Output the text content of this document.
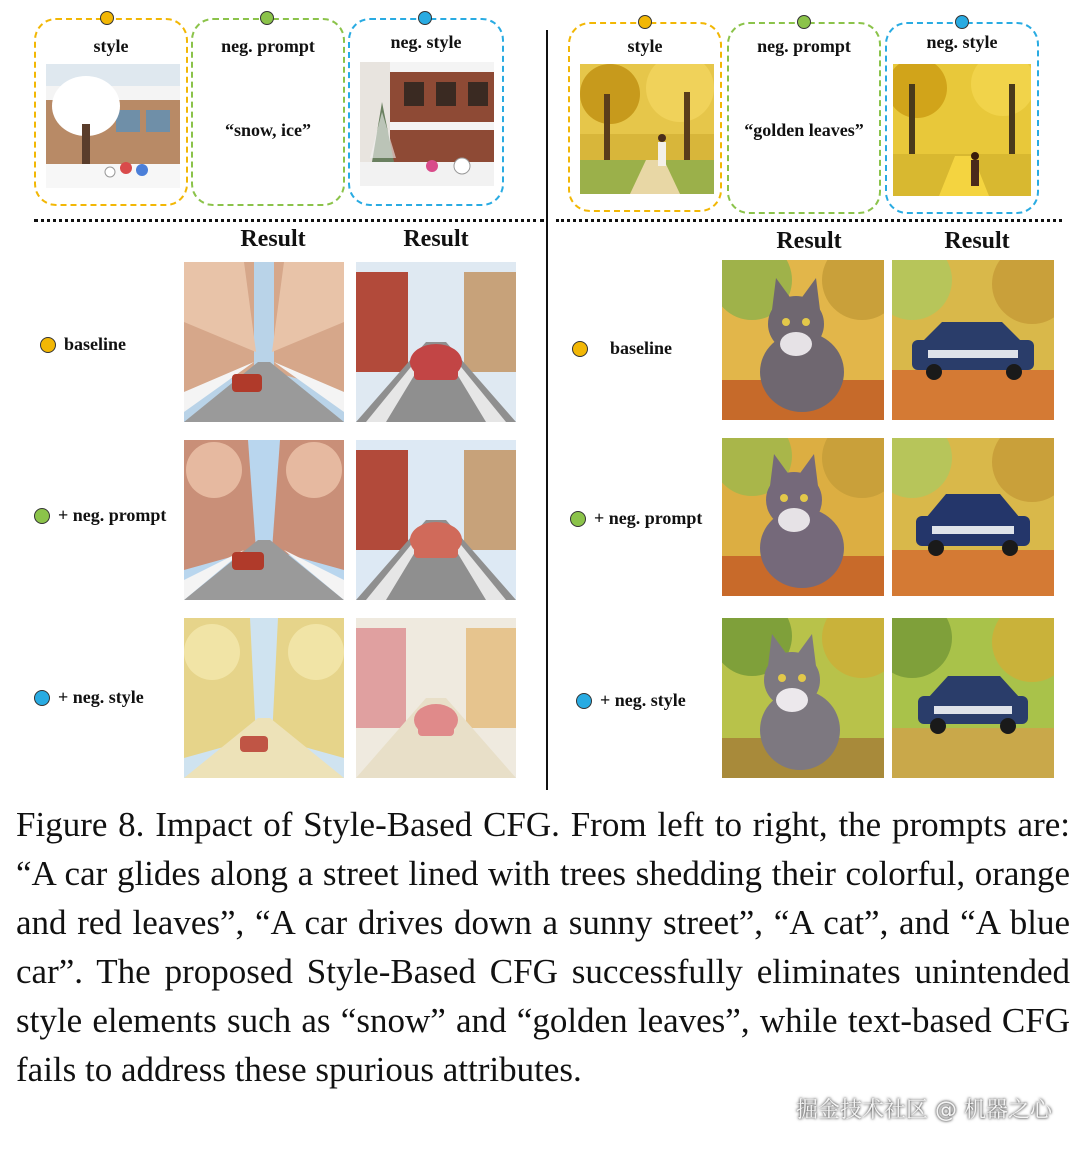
style	neg. prompt
“snow, ice”
neg. style	style	neg. prompt
“golden leaves”
neg. style
Result	Result
baseline
+ neg. prompt
+ neg. style
Result	Result
baseline
+ neg. prompt
+ neg. style
Figure 8. Impact of Style-Based CFG. From left to right, the prompts are: “A car glides along a street lined with trees shedding their colorful, orange and red leaves”, “A car drives down a sunny street”, “A cat”, and “A blue car”. The proposed Style-Based CFG successfully eliminates unintended style elements such as “snow” and “golden leaves”, while text-based CFG fails to address these spurious attributes.
掘金技术社区 @ 机器之心
